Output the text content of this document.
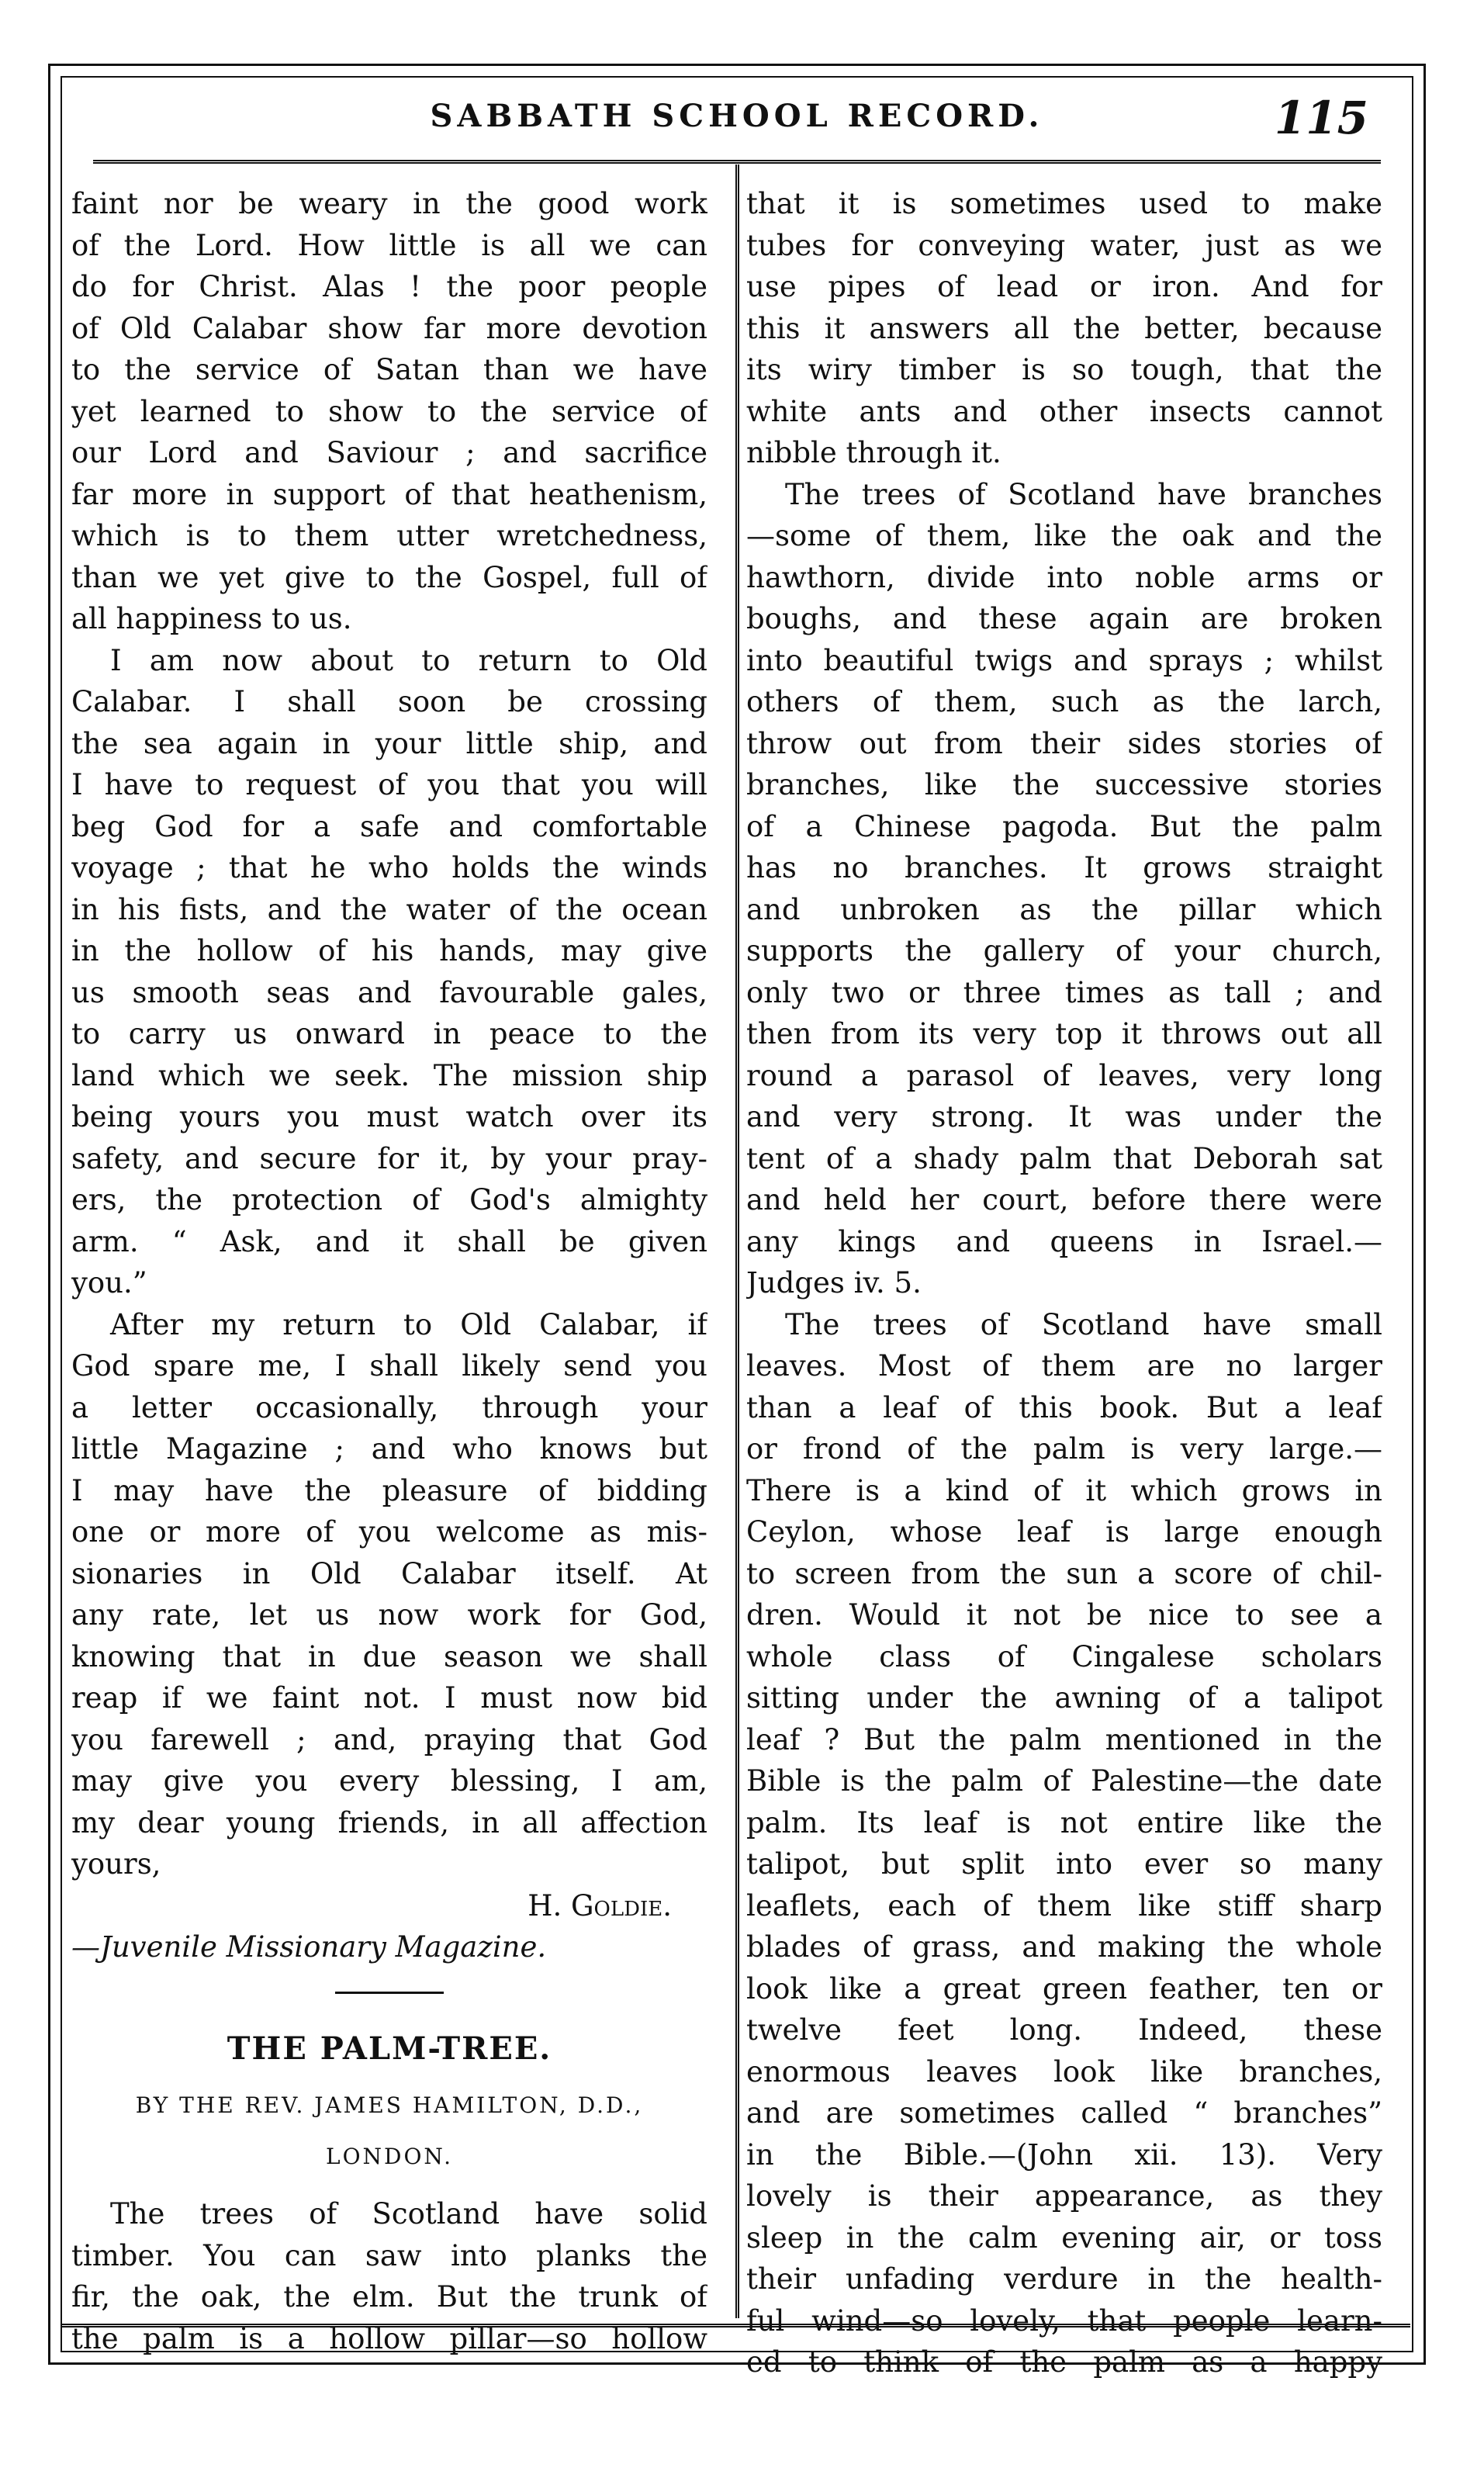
SABBATH SCHOOL RECORD.	115
faint nor be weary in the good work
of the Lord. How little is all we can
do for Christ. Alas ! the poor people
of Old Calabar show far more devotion
to the service of Satan than we have
yet learned to show to the service of
our Lord and Saviour ; and sacrifice
far more in support of that heathenism,
which is to them utter wretchedness,
than we yet give to the Gospel, full of
all happiness to us.
I am now about to return to Old
Calabar. I shall soon be crossing
the sea again in your little ship, and
I have to request of you that you will
beg God for a safe and comfortable
voyage ; that he who holds the winds
in his fists, and the water of the ocean
in the hollow of his hands, may give
us smooth seas and favourable gales,
to carry us onward in peace to the
land which we seek. The mission ship
being yours you must watch over its
safety, and secure for it, by your pray-
ers, the protection of God's almighty
arm. “ Ask, and it shall be given
you.”
After my return to Old Calabar, if
God spare me, I shall likely send you
a letter occasionally, through your
little Magazine ; and who knows but
I may have the pleasure of bidding
one or more of you welcome as mis-
sionaries in Old Calabar itself. At
any rate, let us now work for God,
knowing that in due season we shall
reap if we faint not. I must now bid
you farewell ; and, praying that God
may give you every blessing, I am,
my dear young friends, in all affection
yours,
H. Goldie.
—Juvenile Missionary Magazine.
THE PALM-TREE.
BY THE REV. JAMES HAMILTON, D.D.,
LONDON.
The trees of Scotland have solid
timber. You can saw into planks the
fir, the oak, the elm. But the trunk of
the palm is a hollow pillar—so hollow
that it is sometimes used to make
tubes for conveying water, just as we
use pipes of lead or iron. And for
this it answers all the better, because
its wiry timber is so tough, that the
white ants and other insects cannot
nibble through it.
The trees of Scotland have branches
—some of them, like the oak and the
hawthorn, divide into noble arms or
boughs, and these again are broken
into beautiful twigs and sprays ; whilst
others of them, such as the larch,
throw out from their sides stories of
branches, like the successive stories
of a Chinese pagoda. But the palm
has no branches. It grows straight
and unbroken as the pillar which
supports the gallery of your church,
only two or three times as tall ; and
then from its very top it throws out all
round a parasol of leaves, very long
and very strong. It was under the
tent of a shady palm that Deborah sat
and held her court, before there were
any kings and queens in Israel.—
Judges iv. 5.
The trees of Scotland have small
leaves. Most of them are no larger
than a leaf of this book. But a leaf
or frond of the palm is very large.—
There is a kind of it which grows in
Ceylon, whose leaf is large enough
to screen from the sun a score of chil-
dren. Would it not be nice to see a
whole class of Cingalese scholars
sitting under the awning of a talipot
leaf ? But the palm mentioned in the
Bible is the palm of Palestine—the date
palm. Its leaf is not entire like the
talipot, but split into ever so many
leaflets, each of them like stiff sharp
blades of grass, and making the whole
look like a great green feather, ten or
twelve feet long. Indeed, these
enormous leaves look like branches,
and are sometimes called “ branches”
in the Bible.—(John xii. 13). Very
lovely is their appearance, as they
sleep in the calm evening air, or toss
their unfading verdure in the health-
ful wind—so lovely, that people learn-
ed to think of the palm as a happy
